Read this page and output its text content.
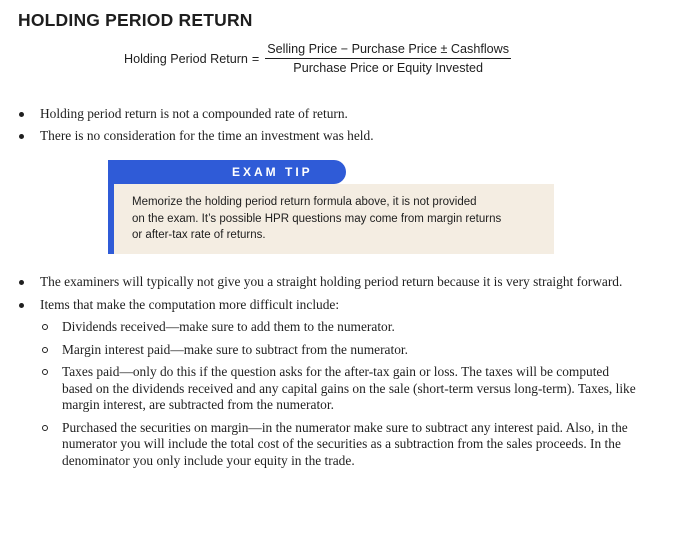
HOLDING PERIOD RETURN
Holding Period Return = $\frac{\text{Selling Price − Purchase Price ± Cashflows}}{\text{Purchase Price or Equity Invested}}$
Holding period return is not a compounded rate of return.
There is no consideration for the time an investment was held.
EXAM TIP
Memorize the holding period return formula above, it is not provided
on the exam. It’s possible HPR questions may come from margin returns
or after-tax rate of returns.
The examiners will typically not give you a straight holding period return because it is very straight forward.
Items that make the computation more difficult include:
Dividends received—make sure to add them to the numerator.
Margin interest paid—make sure to subtract from the numerator.
Taxes paid—only do this if the question asks for the after-tax gain or loss. The taxes will be computed based on the dividends received and any capital gains on the sale (short-term versus long-term). Taxes, like margin interest, are subtracted from the numerator.
Purchased the securities on margin—in the numerator make sure to subtract any interest paid. Also, in the numerator you will include the total cost of the securities as a subtraction from the sales proceeds. In the denominator you only include your equity in the trade.
